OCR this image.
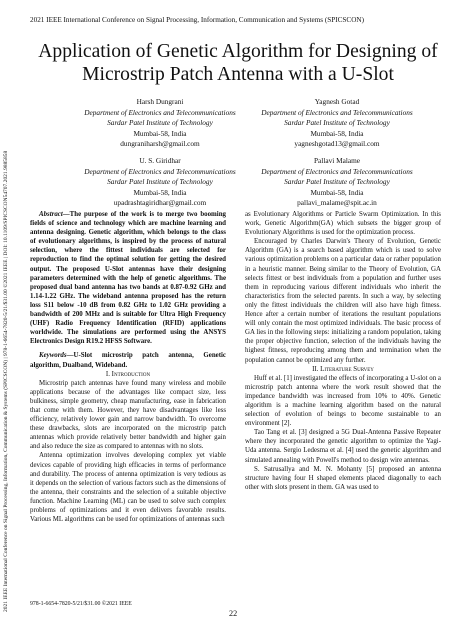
2021 IEEE International Conference on Signal Processing, Information, Communication and Systems (SPICSCON)
2021 IEEE International Conference on Signal Processing, Information, Communication & Systems (SPICSCON) | 978-1-6654-7820-5/21/$31.00 ©2021 IEEE | DOI: 10.1109/SPICSCON54707.2021.9885858
Application of Genetic Algorithm for Designing of Microstrip Patch Antenna with a U-Slot
Harsh Dungrani
Department of Electronics and Telecommunications
Sardar Patel Institute of Technology
Mumbai-58, India
dungraniharsh@gmail.com
Yagnesh Gotad
Department of Electronics and Telecommunications
Sardar Patel Institute of Technology
Mumbai-58, India
yagneshgotad13@gmail.com
U. S. Giridhar
Department of Electronics and Telecommunications
Sardar Patel Institute of Technology
Mumbai-58, India
upadrashtagiridhar@gmail.com
Pallavi Malame
Department of Electronics and Telecommunications
Sardar Patel Institute of Technology
Mumbai-58, India
pallavi_malame@spit.ac.in

Abstract—The purpose of the work is to merge two booming fields of science and technology which are machine learning and antenna designing. Genetic algorithm, which belongs to the class of evolutionary algorithms, is inspired by the process of natural selection, where the fittest individuals are selected for reproduction to find the optimal solution for getting the desired output. The proposed U-Slot antennas have their designing parameters determined with the help of genetic algorithms. The proposed dual band antenna has two bands at 0.87-0.92 GHz and 1.14-1.22 GHz. The wideband antenna proposed has the return loss S11 below -10 dB from 0.82 GHz to 1.02 GHz providing a bandwidth of 200 MHz and is suitable for Ultra High Frequency (UHF) Radio Frequency Identification (RFID) applications worldwide. The simulations are performed using the ANSYS Electronics Design R19.2 HFSS Software.

Keywords—U-Slot microstrip patch antenna, Genetic algorithm, Dualband, Wideband.

I. Introduction

Microstrip patch antennas have found many wireless and mobile applications because of the advantages like compact size, less bulkiness, simple geometry, cheap manufacturing, ease in fabrication that come with them. However, they have disadvantages like less efficiency, relatively lower gain and narrow bandwidth. To overcome these drawbacks, slots are incorporated on the microstrip patch antennas which provide relatively better bandwidth and higher gain and also reduce the size as compared to antennas with no slots.

Antenna optimization involves developing complex yet viable devices capable of providing high efficacies in terms of performance and durability. The process of antenna optimization is very tedious as it depends on the selection of various factors such as the dimensions of the antenna, their constraints and the selection of a suitable objective function. Machine Learning (ML) can be used to solve such complex problems of optimizations and it even delivers favorable results. Various ML algorithms can be used for optimizations of antennas such

as Evolutionary Algorithms or Particle Swarm Optimization. In this work, Genetic Algorithm(GA) which subsets the bigger group of Evolutionary Algorithms is used for the optimization process.

Encouraged by Charles Darwin's Theory of Evolution, Genetic Algorithm (GA) is a search based algorithm which is used to solve various optimization problems on a particular data or rather population in a heuristic manner. Being similar to the Theory of Evolution, GA selects fittest or best individuals from a population and further uses them in reproducing various different individuals who inherit the characteristics from the selected parents. In such a way, by selecting only the fittest individuals the children will also have high fitness. Hence after a certain number of iterations the resultant populations will only contain the most optimized individuals. The basic process of GA lies in the following steps: initializing a random population, taking the proper objective function, selection of the individuals having the highest fitness, reproducing among them and termination when the population cannot be optimized any further.

II. Literature Survey

Huff et al. [1] investigated the effects of incorporating a U-slot on a microstrip patch antenna where the work result showed that the impedance bandwidth was increased from 10% to 40%. Genetic algorithm is a machine learning algorithm based on the natural selection of evolution of beings to become sustainable to an environment [2].

Tao Tang et al. [3] designed a 5G Dual-Antenna Passive Repeater where they incorporated the genetic algorithm to optimize the Yagi-Uda antenna. Sergio Ledesma et al. [4] used the genetic algorithm and simulated annealing with Powell's method to design wire antennas.

S. Satrusallya and M. N. Mohanty [5] proposed an antenna structure having four H shaped elements placed diagonally to each other with slots present in them. GA was used to

978-1-6654-7820-5/21/$31.00 ©2021 IEEE
22
